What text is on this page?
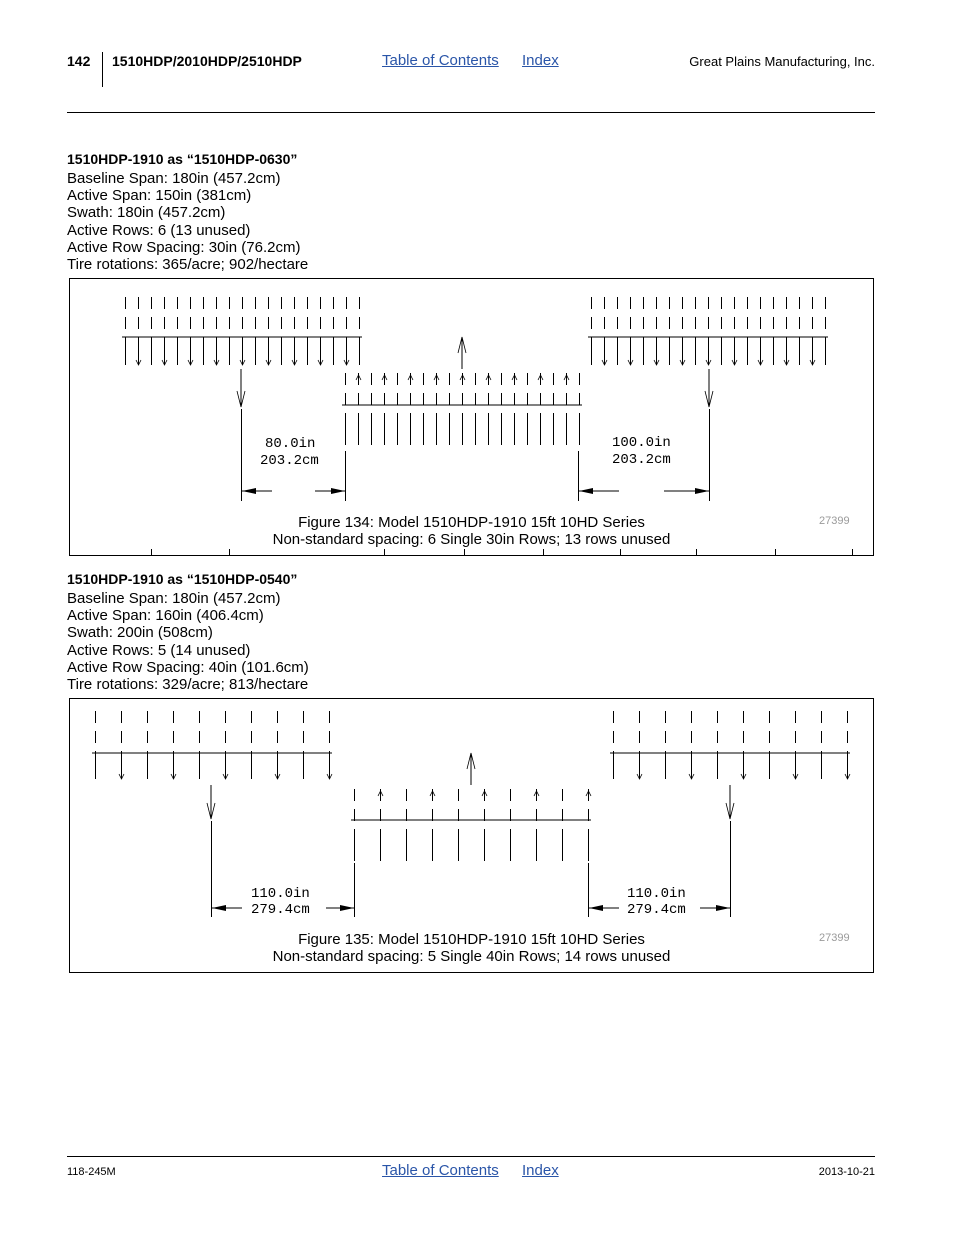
142 1510HDP/2010HDP/2510HDP	Table of Contents Index	Great Plains Manufacturing, Inc.
1510HDP-1910 as “1510HDP-0630”
Baseline Span: 180in (457.2cm)
Active Span: 150in (381cm)
Swath: 180in (457.2cm)
Active Rows: 6 (13 unused)
Active Row Spacing: 30in (76.2cm)
Tire rotations: 365/acre; 902/hectare
80.0in
203.2cm
100.0in
203.2cm
Figure 134: Model 1510HDP-1910 15ft 10HD Series
Non-standard spacing: 6 Single 30in Rows; 13 rows unused
27399
1510HDP-1910 as “1510HDP-0540”
Baseline Span: 180in (457.2cm)
Active Span: 160in (406.4cm)
Swath: 200in (508cm)
Active Rows: 5 (14 unused)
Active Row Spacing: 40in (101.6cm)
Tire rotations: 329/acre; 813/hectare
110.0in
279.4cm
110.0in
279.4cm
Figure 135: Model 1510HDP-1910 15ft 10HD Series
Non-standard spacing: 5 Single 40in Rows; 14 rows unused
27399
118-245M	Table of Contents Index	2013-10-21
